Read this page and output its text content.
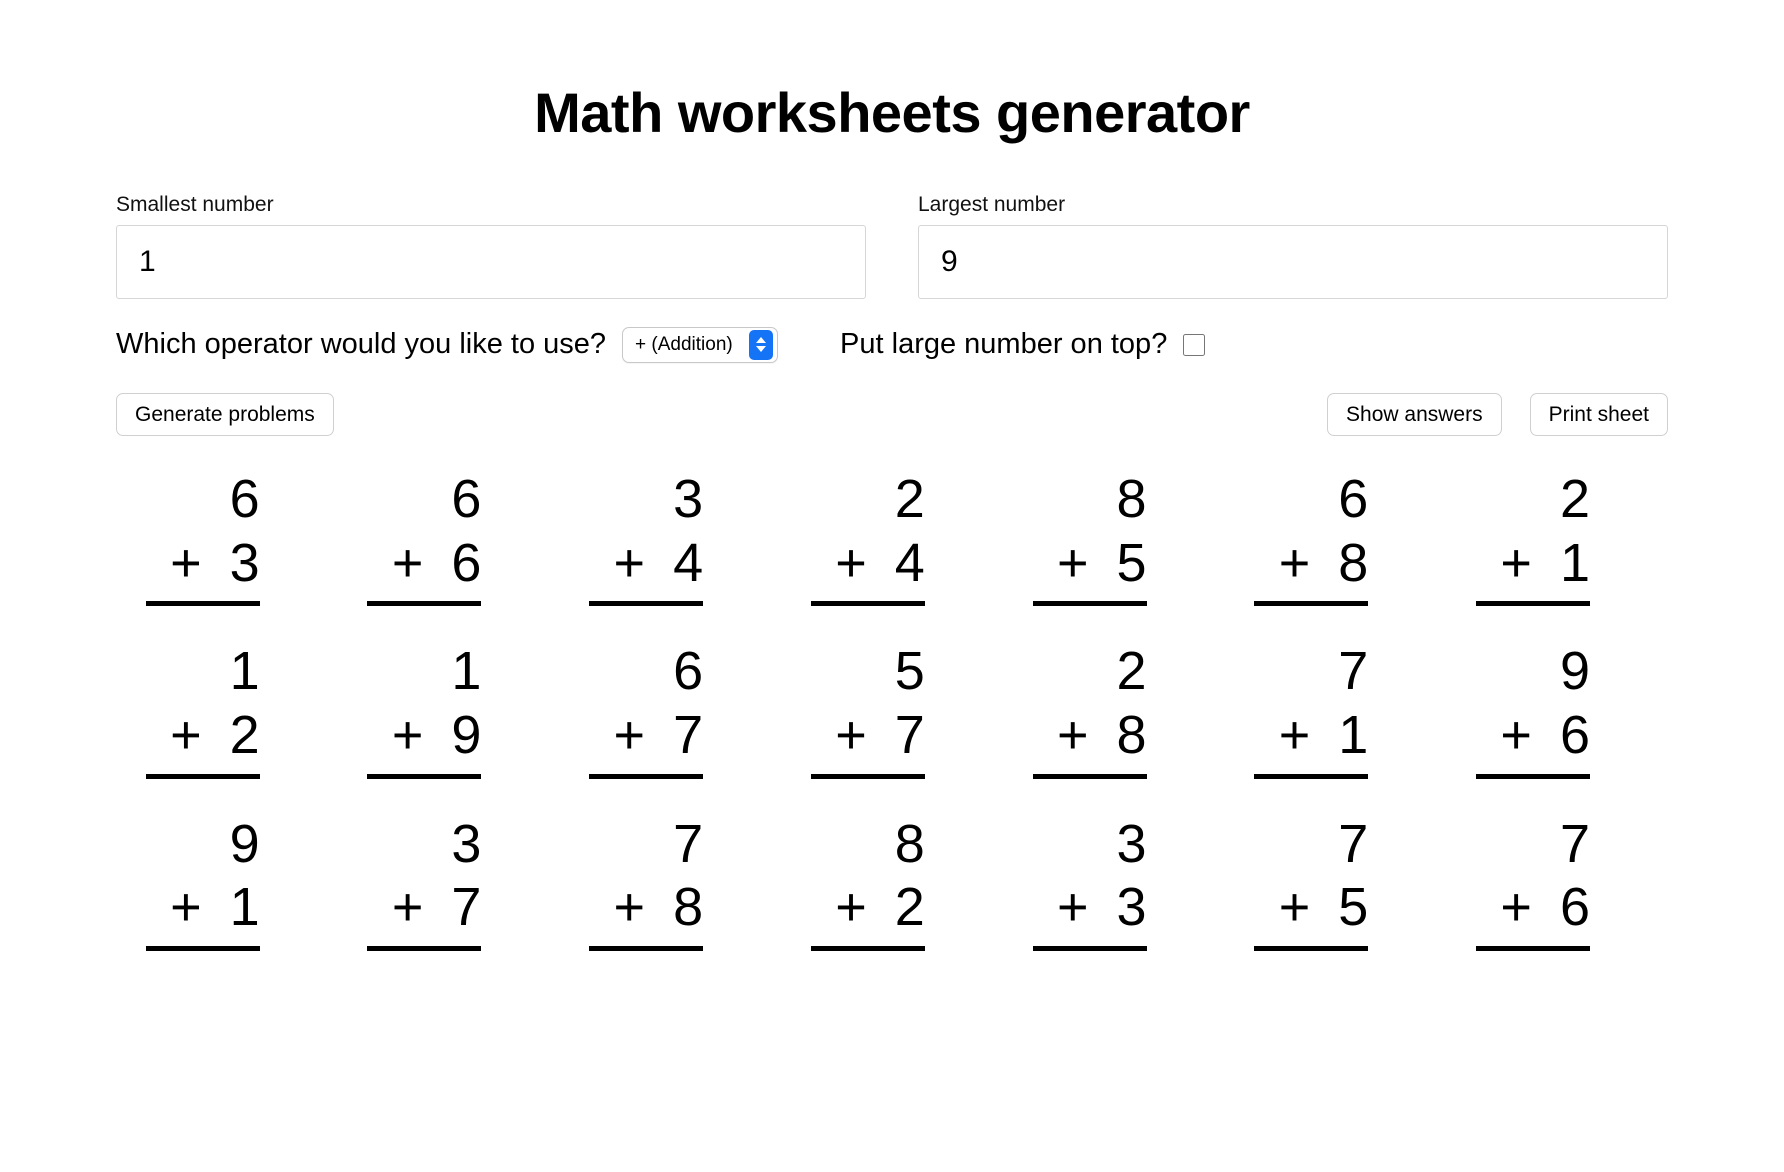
Math worksheets generator
Smallest number
1	Largest number
9
Which operator would you like to use?
+ (Addition)	Put large number on top?
Generate problems	Show answers	Print sheet
6
+ 3
6
+ 6
3
+ 4
2
+ 4
8
+ 5
6
+ 8
2
+ 1
1
+ 2
1
+ 9
6
+ 7
5
+ 7
2
+ 8
7
+ 1
9
+ 6
9
+ 1
3
+ 7
7
+ 8
8
+ 2
3
+ 3
7
+ 5
7
+ 6
